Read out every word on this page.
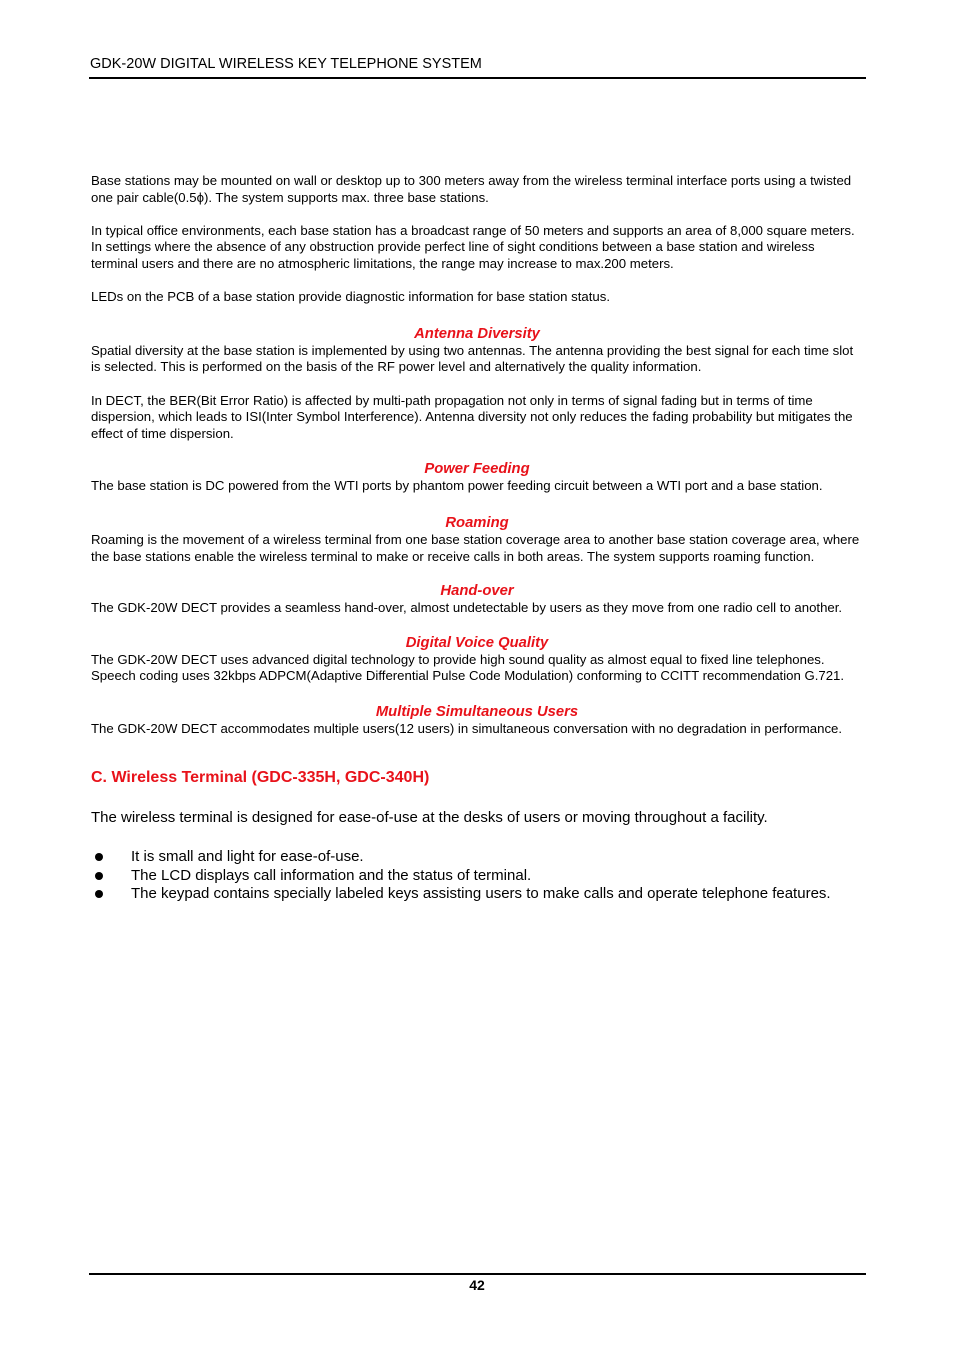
GDK-20W DIGITAL WIRELESS KEY TELEPHONE SYSTEM

Base stations may be mounted on wall or desktop up to 300 meters away from the wireless terminal interface ports using a twisted one pair cable(0.5ϕ). The system supports max. three base stations.

In typical office environments, each base station has a broadcast range of 50 meters and supports an area of 8,000 square meters. In settings where the absence of any obstruction provide perfect line of sight conditions between a base station and wireless terminal users and there are no atmospheric limitations, the range may increase to max.200 meters.

LEDs on the PCB of a base station provide diagnostic information for base station status.

Antenna Diversity

Spatial diversity at the base station is implemented by using two antennas. The antenna providing the best signal for each time slot is selected. This is performed on the basis of the RF power level and alternatively the quality information.

In DECT, the BER(Bit Error Ratio) is affected by multi-path propagation not only in terms of signal fading but in terms of time dispersion, which leads to ISI(Inter Symbol Interference). Antenna diversity not only reduces the fading probability but mitigates the effect of time dispersion.

Power Feeding

The base station is DC powered from the WTI ports by phantom power feeding circuit between a WTI port and a base station.

Roaming

Roaming is the movement of a wireless terminal from one base station coverage area to another base station coverage area, where the base stations enable the wireless terminal to make or receive calls in both areas. The system supports roaming function.

Hand-over

The GDK-20W DECT provides a seamless hand-over, almost undetectable by users as they move from one radio cell to another.

Digital Voice Quality

The GDK-20W DECT uses advanced digital technology to provide high sound quality as almost equal to fixed line telephones. Speech coding uses 32kbps ADPCM(Adaptive Differential Pulse Code Modulation) conforming to CCITT recommendation G.721.

Multiple Simultaneous Users

The GDK-20W DECT accommodates multiple users(12 users) in simultaneous conversation with no degradation in performance.

C. Wireless Terminal (GDC-335H, GDC-340H)

The wireless terminal is designed for ease-of-use at the desks of users or moving throughout a facility.

It is small and light for ease-of-use.
The LCD displays call information and the status of terminal.
The keypad contains specially labeled keys assisting users to make calls and operate telephone features.
42
